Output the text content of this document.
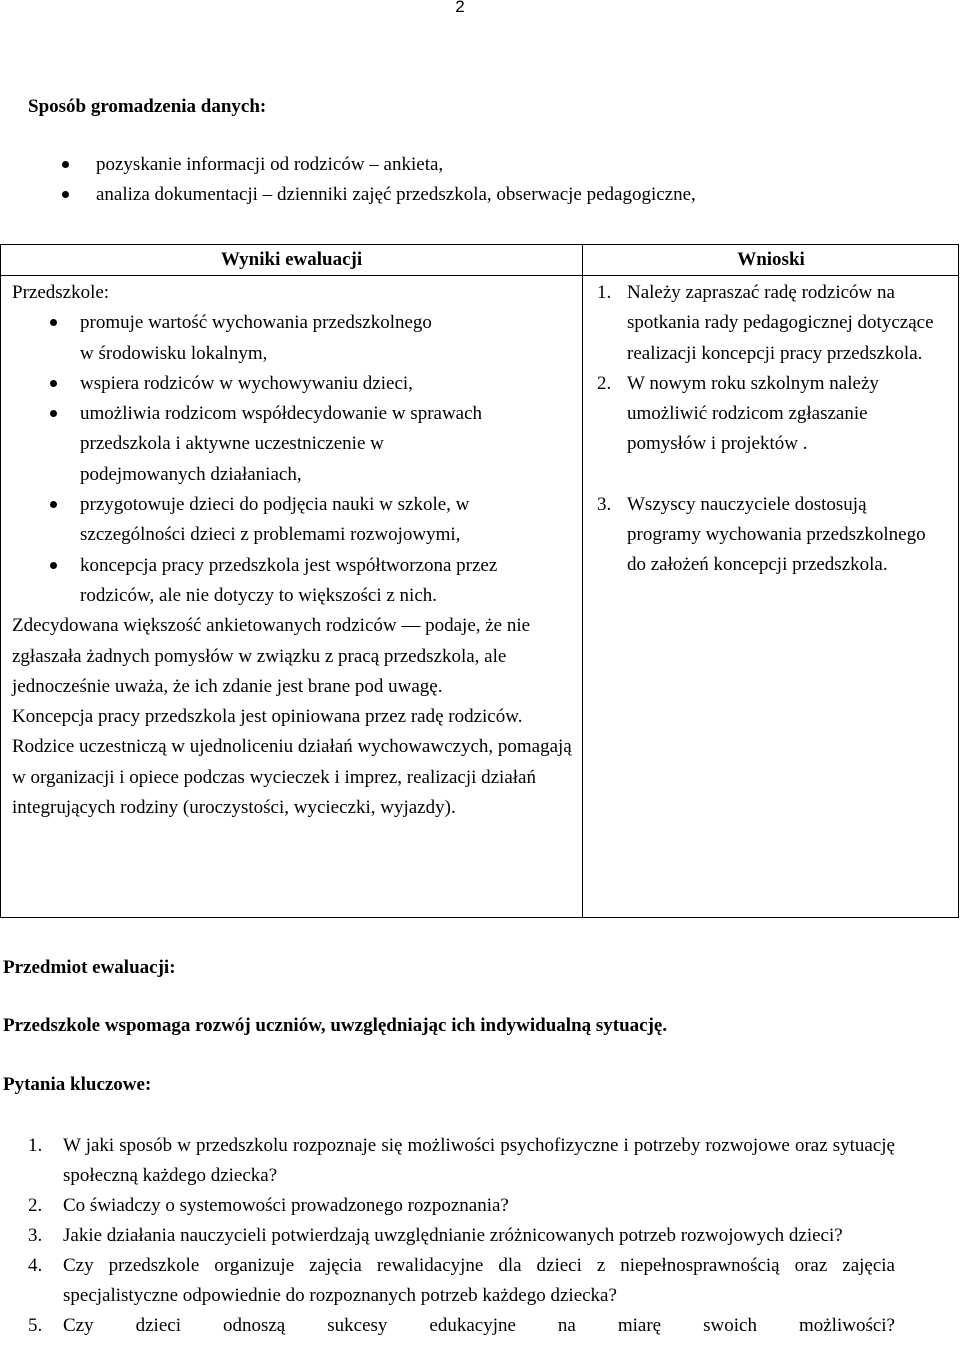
2
Sposób gromadzenia danych:
pozyskanie informacji od rodziców – ankieta,
analiza dokumentacji – dzienniki zajęć przedszkola, obserwacje pedagogiczne,
Wyniki ewaluacji	Wnioski

Przedszkole:

promuje wartość wychowania przedszkolnego w środowisku lokalnym,
wspiera rodziców w wychowywaniu dzieci,
umożliwia rodzicom współdecydowanie w sprawach przedszkola i aktywne uczestniczenie w podejmowanych działaniach,
przygotowuje dzieci do podjęcia nauki w szkole, w szczególności dzieci z problemami rozwojowymi,
koncepcja pracy przedszkola jest współtworzona przez rodziców, ale nie dotyczy to większości z nich.

Zdecydowana większość ankietowanych rodziców — podaje, że nie zgłaszała żadnych pomysłów w związku z pracą przedszkola, ale jednocześnie uważa, że ich zdanie jest brane pod uwagę.

Koncepcja pracy przedszkola jest opiniowana przez radę rodziców. Rodzice uczestniczą w ujednoliceniu działań wychowawczych, pomagają w organizacji i opiece podczas wycieczek i imprez, realizacji działań integrujących rodziny (uroczystości, wycieczki, wyjazdy).

1. Należy zapraszać radę rodziców na spotkania rady pedagogicznej dotyczące realizacji koncepcji pracy przedszkola.
2. W nowym roku szkolnym należy umożliwić rodzicom zgłaszanie pomysłów i projektów .
3. Wszyscy nauczyciele dostosują programy wychowania przedszkolnego do założeń koncepcji przedszkola.
Przedmiot ewaluacji:
Przedszkole wspomaga rozwój uczniów, uwzględniając ich indywidualną sytuację.
Pytania kluczowe:
1. W jaki sposób w przedszkolu rozpoznaje się możliwości psychofizyczne i potrzeby rozwojowe oraz sytuację społeczną każdego dziecka?
2. Co świadczy o systemowości prowadzonego rozpoznania?
3. Jakie działania nauczycieli potwierdzają uwzględnianie zróżnicowanych potrzeb rozwojowych dzieci?
4. Czy przedszkole organizuje zajęcia rewalidacyjne dla dzieci z niepełnosprawnością oraz zajęcia specjalistyczne odpowiednie do rozpoznanych potrzeb każdego dziecka?
5. Czy dzieci odnoszą sukcesy edukacyjne na miarę swoich możliwości?
